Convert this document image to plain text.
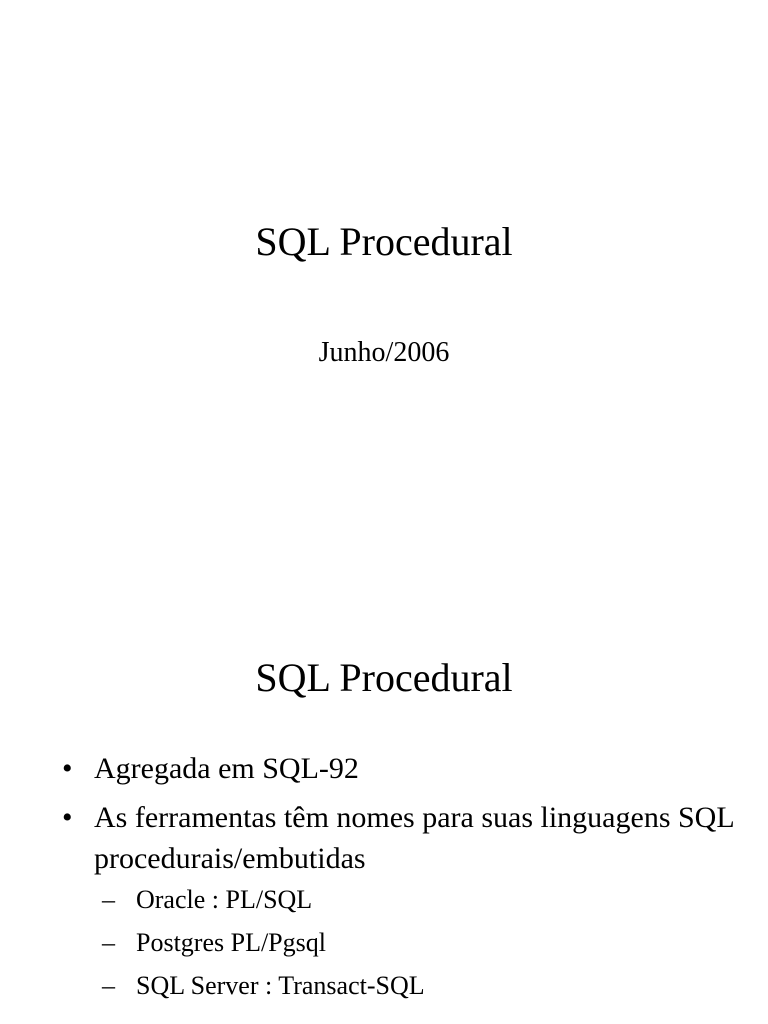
SQL Procedural
Junho/2006
SQL Procedural
• Agregada em SQL-92
• As ferramentas têm nomes para suas linguagens SQL procedurais/embutidas
– Oracle : PL/SQL
– Postgres PL/Pgsql
– SQL Server : Transact-SQL
